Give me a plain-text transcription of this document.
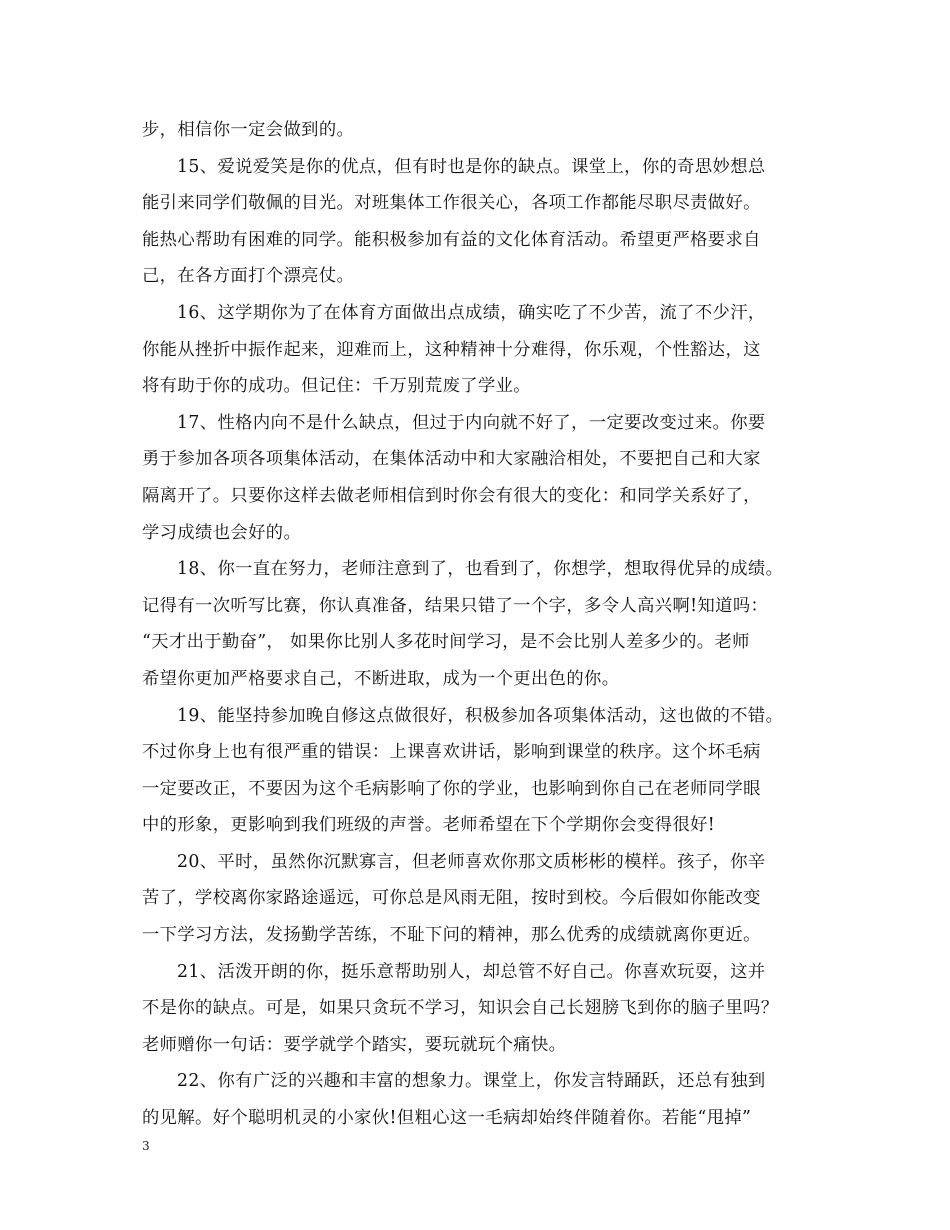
步，相信你一定会做到的。
15、爱说爱笑是你的优点，但有时也是你的缺点。课堂上，你的奇思妙想总
能引来同学们敬佩的目光。对班集体工作很关心，各项工作都能尽职尽责做好。
能热心帮助有困难的同学。能积极参加有益的文化体育活动。希望更严格要求自
己，在各方面打个漂亮仗。
16、这学期你为了在体育方面做出点成绩，确实吃了不少苦，流了不少汗，
你能从挫折中振作起来，迎难而上，这种精神十分难得，你乐观，个性豁达，这
将有助于你的成功。但记住：千万别荒废了学业。
17、性格内向不是什么缺点，但过于内向就不好了，一定要改变过来。你要
勇于参加各项各项集体活动，在集体活动中和大家融洽相处，不要把自己和大家
隔离开了。只要你这样去做老师相信到时你会有很大的变化：和同学关系好了，
学习成绩也会好的。
18、你一直在努力，老师注意到了，也看到了，你想学，想取得优异的成绩。
记得有一次听写比赛，你认真准备，结果只错了一个字，多令人高兴啊!知道吗：
“天才出于勤奋”， 如果你比别人多花时间学习，是不会比别人差多少的。老师
希望你更加严格要求自己，不断进取，成为一个更出色的你。
19、能坚持参加晚自修这点做很好，积极参加各项集体活动，这也做的不错。
不过你身上也有很严重的错误：上课喜欢讲话，影响到课堂的秩序。这个坏毛病
一定要改正，不要因为这个毛病影响了你的学业，也影响到你自己在老师同学眼
中的形象，更影响到我们班级的声誉。老师希望在下个学期你会变得很好!
20、平时，虽然你沉默寡言，但老师喜欢你那文质彬彬的模样。孩子，你辛
苦了，学校离你家路途遥远，可你总是风雨无阻，按时到校。今后假如你能改变
一下学习方法，发扬勤学苦练，不耻下问的精神，那么优秀的成绩就离你更近。
21、活泼开朗的你，挺乐意帮助别人，却总管不好自己。你喜欢玩耍，这并
不是你的缺点。可是，如果只贪玩不学习，知识会自己长翅膀飞到你的脑子里吗？
老师赠你一句话：要学就学个踏实，要玩就玩个痛快。
22、你有广泛的兴趣和丰富的想象力。课堂上，你发言特踊跃，还总有独到
的见解。好个聪明机灵的小家伙!但粗心这一毛病却始终伴随着你。若能“甩掉”
3
